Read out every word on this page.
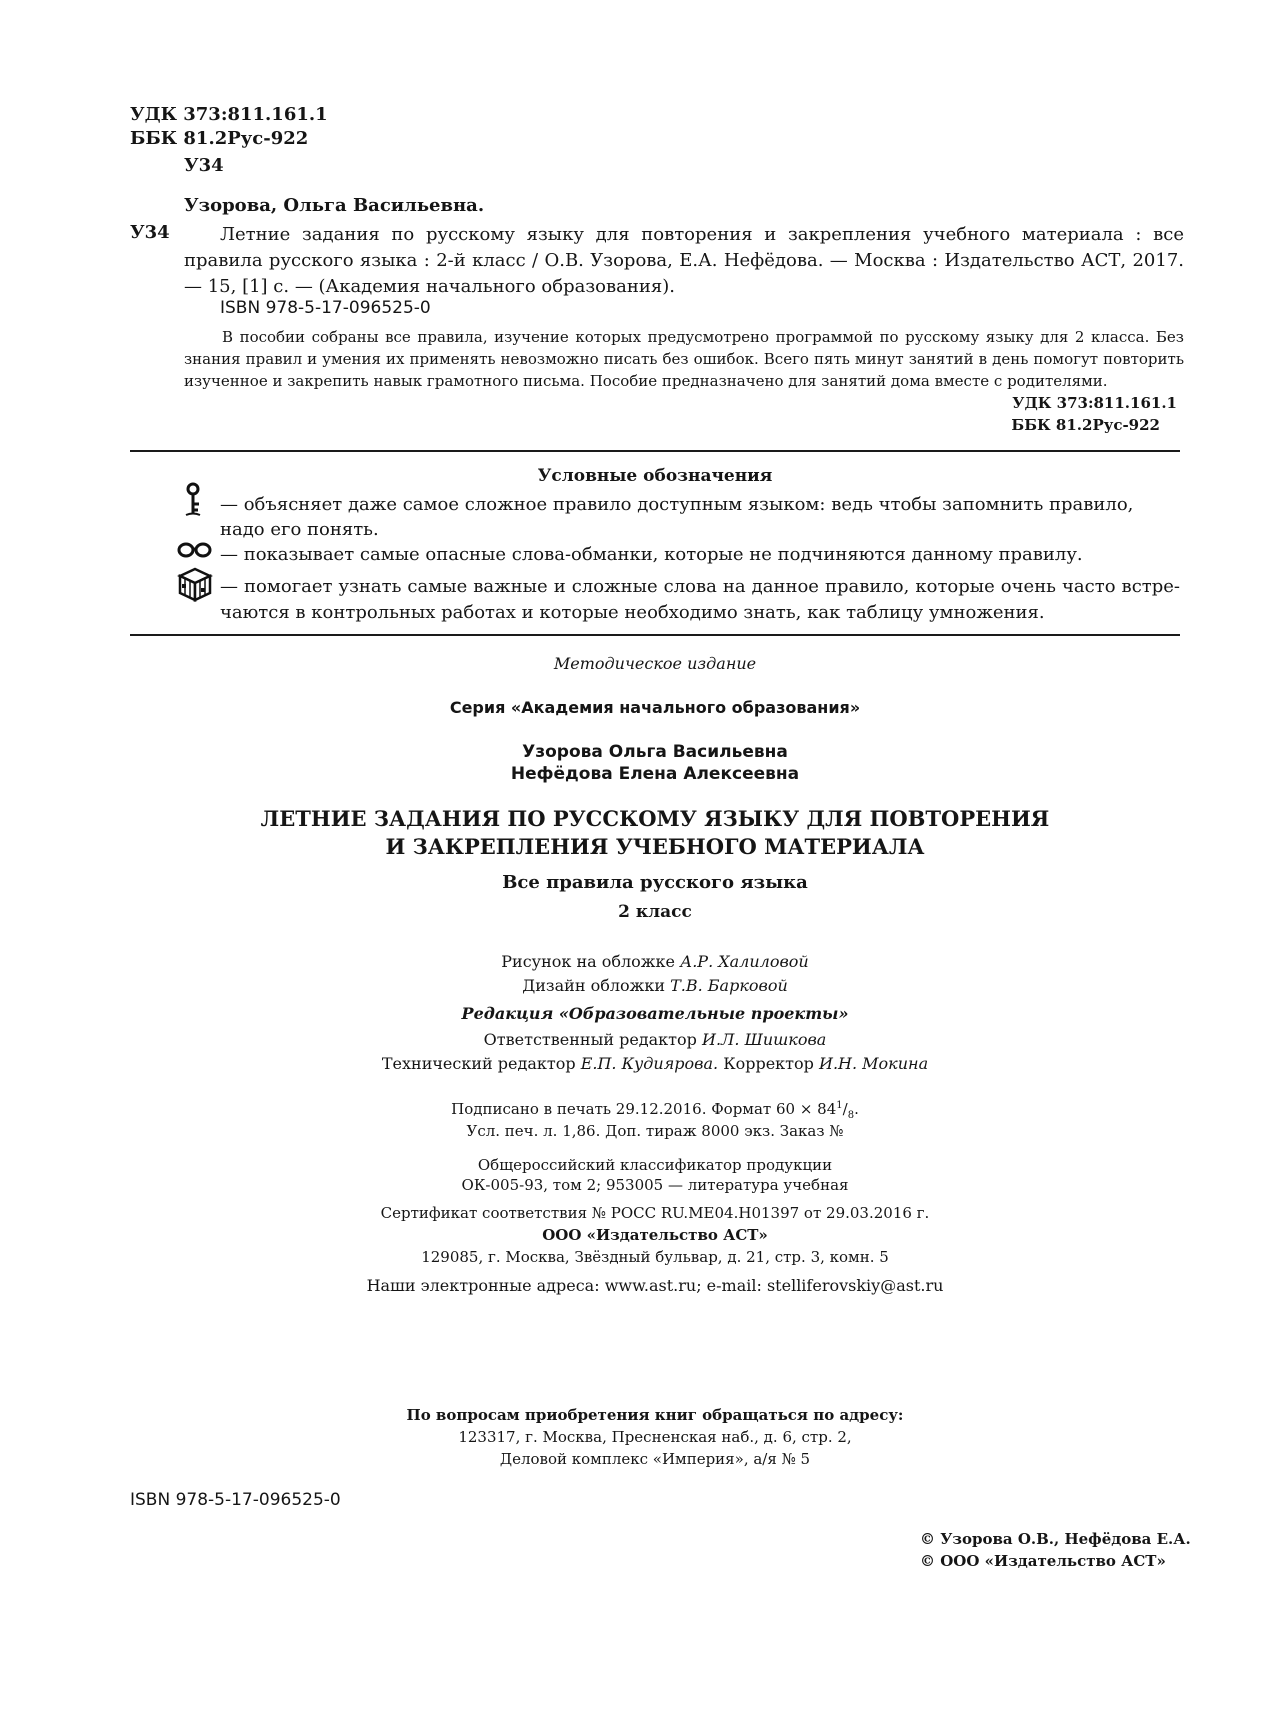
УДК 373:811.161.1
ББК 81.2Рус-922
У34
Узорова, Ольга Васильевна.
У34	Летние задания по русскому языку для повторения и закрепления учебного материала : все правила русского языка : 2-й класс / О.В. Узорова, Е.А. Нефёдова. — Москва : Издательство АСТ, 2017. — 15, [1] с. — (Академия начального образования).
ISBN 978-5-17-096525-0
В пособии собраны все правила, изучение которых предусмотрено программой по русскому языку для 2 класса. Без знания правил и умения их применять невозможно писать без ошибок. Всего пять минут занятий в день помогут повторить изученное и закрепить навык грамотного письма. Пособие предназначено для занятий дома вместе с родителями.
УДК 373:811.161.1
ББК 81.2Рус-922
Условные обозначения
— объясняет даже самое сложное правило доступным языком: ведь чтобы запомнить правило, надо его понять.
— показывает самые опасные слова-обманки, которые не подчиняются данному правилу.
— помогает узнать самые важные и сложные слова на данное правило, которые очень часто встречаются в контрольных работах и которые необходимо знать, как таблицу умножения.
Методическое издание
Серия «Академия начального образования»
Узорова Ольга Васильевна
Нефёдова Елена Алексеевна
ЛЕТНИЕ ЗАДАНИЯ ПО РУССКОМУ ЯЗЫКУ ДЛЯ ПОВТОРЕНИЯ
И ЗАКРЕПЛЕНИЯ УЧЕБНОГО МАТЕРИАЛА
Все правила русского языка
2 класс
Рисунок на обложке А.Р. Халиловой
Дизайн обложки Т.В. Барковой
Редакция «Образовательные проекты»
Ответственный редактор И.Л. Шишкова
Технический редактор Е.П. Кудиярова. Корректор И.Н. Мокина
Подписано в печать 29.12.2016. Формат $60 \times 84^1/_8$.
Усл. печ. л. 1,86. Доп. тираж 8000 экз. Заказ №
Общероссийский классификатор продукции
ОК-005-93, том 2; 953005 — литература учебная
Сертификат соответствия № РОСС RU.МЕ04.Н01397 от 29.03.2016 г.
ООО «Издательство АСТ»
129085, г. Москва, Звёздный бульвар, д. 21, стр. 3, комн. 5
Наши электронные адреса: www.ast.ru; e-mail: stelliferovskiy@ast.ru
По вопросам приобретения книг обращаться по адресу:
123317, г. Москва, Пресненская наб., д. 6, стр. 2,
Деловой комплекс «Империя», а/я № 5
ISBN 978-5-17-096525-0
© Узорова О.В., Нефёдова Е.А.
© ООО «Издательство АСТ»
